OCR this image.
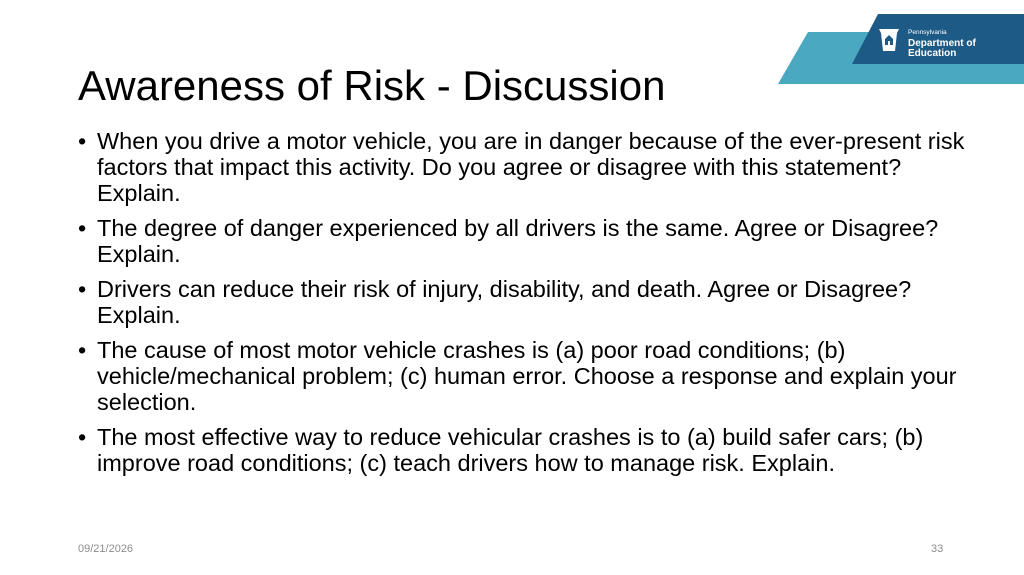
Pennsylvania
Department of Education
Awareness of Risk - Discussion
• When you drive a motor vehicle, you are in danger because of the ever-present risk factors that impact this activity. Do you agree or disagree with this statement? Explain.
• The degree of danger experienced by all drivers is the same. Agree or Disagree? Explain.
• Drivers can reduce their risk of injury, disability, and death. Agree or Disagree? Explain.
• The cause of most motor vehicle crashes is (a) poor road conditions; (b) vehicle/mechanical problem; (c) human error. Choose a response and explain your selection.
• The most effective way to reduce vehicular crashes is to (a) build safer cars; (b) improve road conditions; (c) teach drivers how to manage risk. Explain.
09/21/2026	33
